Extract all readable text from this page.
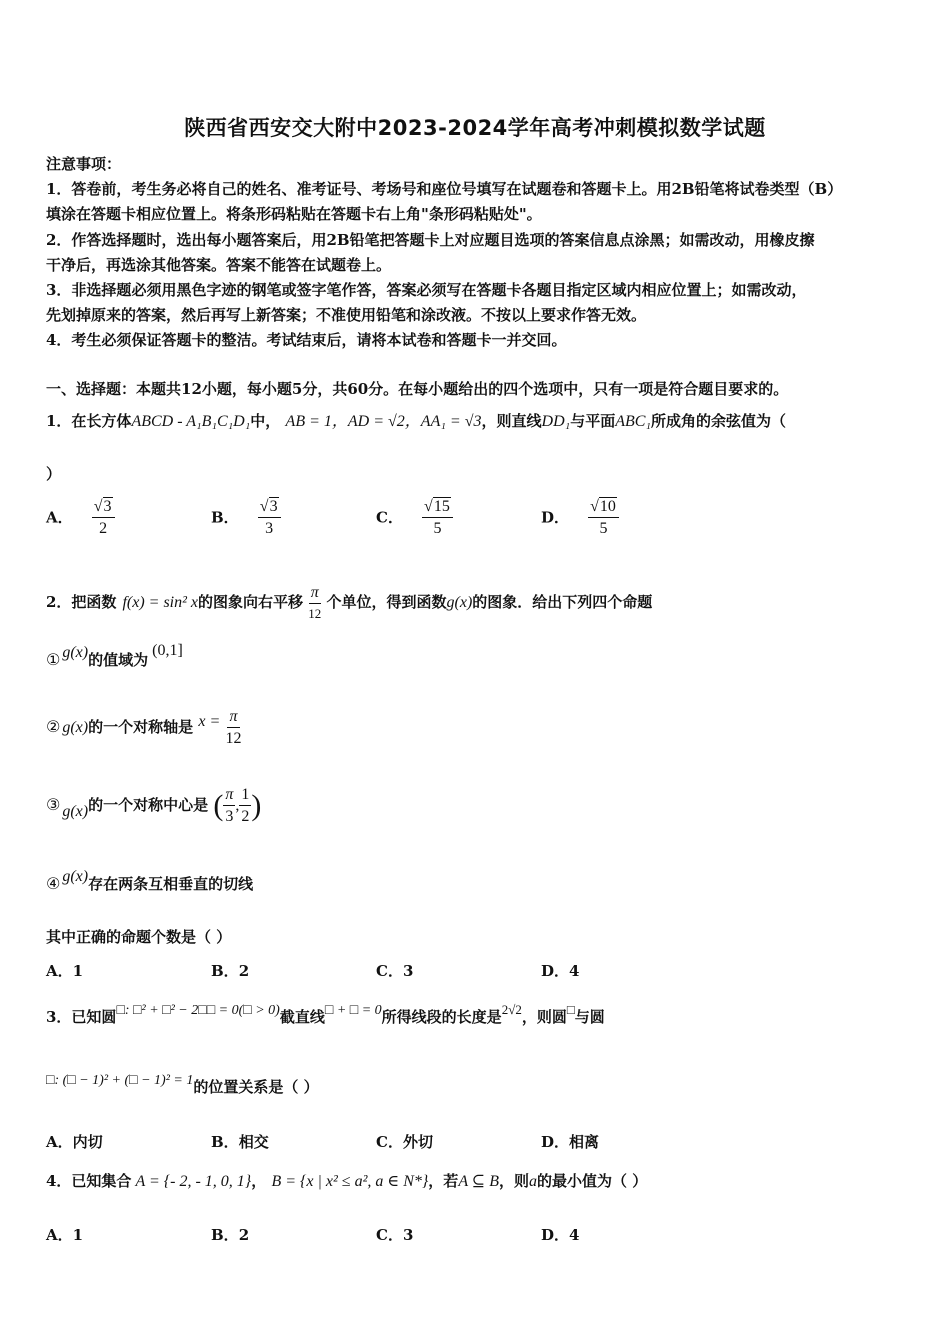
陕西省西安交大附中2023-2024学年高考冲刺模拟数学试题
注意事项：
1．答卷前，考生务必将自己的姓名、准考证号、考场号和座位号填写在试题卷和答题卡上。用2B铅笔将试卷类型（B）
填涂在答题卡相应位置上。将条形码粘贴在答题卡右上角"条形码粘贴处"。
2．作答选择题时，选出每小题答案后，用2B铅笔把答题卡上对应题目选项的答案信息点涂黑；如需改动，用橡皮擦
干净后，再选涂其他答案。答案不能答在试题卷上。
3．非选择题必须用黑色字迹的钢笔或签字笔作答，答案必须写在答题卡各题目指定区域内相应位置上；如需改动，
先划掉原来的答案，然后再写上新答案；不准使用铅笔和涂改液。不按以上要求作答无效。
4．考生必须保证答题卡的整洁。考试结束后，请将本试卷和答题卡一并交回。
一、选择题：本题共12小题，每小题5分，共60分。在每小题给出的四个选项中，只有一项是符合题目要求的。
1．在长方体ABCD - A₁B₁C₁D₁中， AB = 1，AD = √2，AA₁ = √3，则直线DD₁与平面ABC₁所成角的余弦值为（
）
A． $\frac{√3}{2}$	B． $\frac{√3}{3}$	C． $\frac{√15}{5}$	D． $\frac{√10}{5}$
2．把函数 f(x) = sin² x的图象向右平移 $\frac{\pi}{12}$ 个单位，得到函数g(x)的图象．给出下列四个命题
① g(x)的值域为(0,1]
② g(x)的一个对称轴是 $x = \frac{\pi}{12}$
③ g(x)的一个对称中心是 ( $\frac{\pi}{3}$ , $\frac{1}{2}$ )
④ g(x)存在两条互相垂直的切线
其中正确的命题个数是（ ）
A．1	B．2	C．3	D．4
3．已知圆□: □² + □² − 2□□ = 0(□ > 0)截直线□ + □ = 0所得线段的长度是2√2，则圆□与圆
□: (□ − 1)² + (□ − 1)² = 1的位置关系是（ ）
A．内切	B．相交	C．外切	D．相离
4．已知集合 A = {- 2, - 1, 0, 1}， B = {x | x² ≤ a², a ∈ N*}，若A ⊆ B，则a的最小值为（ ）
A．1	B．2	C．3	D．4
